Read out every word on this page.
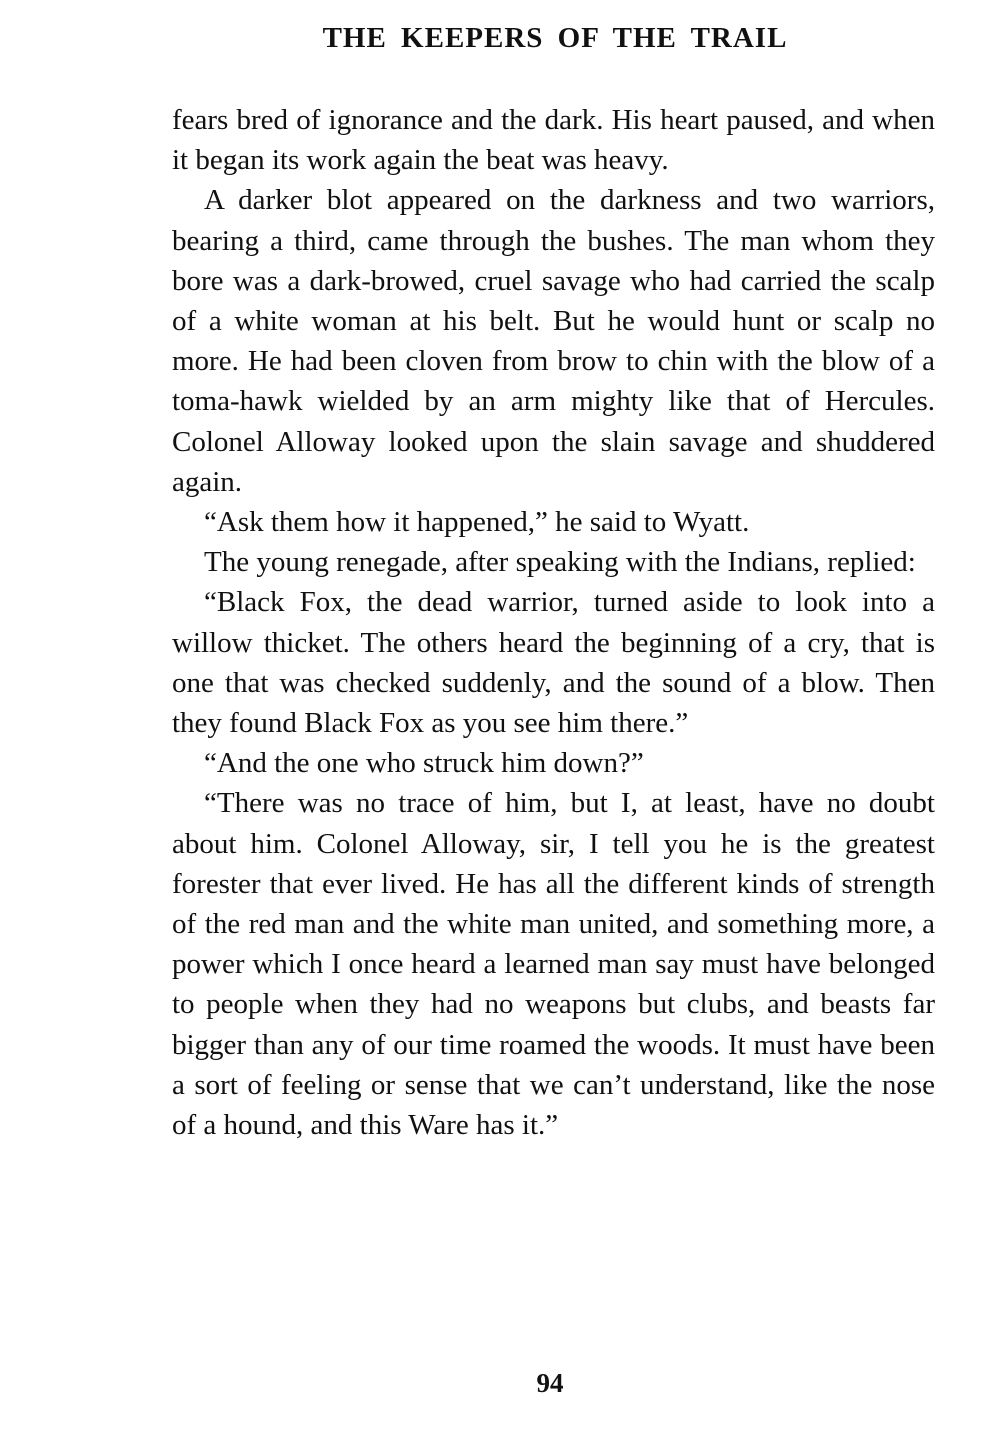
THE KEEPERS OF THE TRAIL

fears bred of ignorance and the dark. His heart paused, and when it began its work again the beat was heavy.

A darker blot appeared on the darkness and two warriors, bearing a third, came through the bushes. The man whom they bore was a dark-browed, cruel savage who had carried the scalp of a white woman at his belt. But he would hunt or scalp no more. He had been cloven from brow to chin with the blow of a toma-hawk wielded by an arm mighty like that of Hercules. Colonel Alloway looked upon the slain savage and shuddered again.

“Ask them how it happened,” he said to Wyatt.

The young renegade, after speaking with the Indians, replied:

“Black Fox, the dead warrior, turned aside to look into a willow thicket. The others heard the beginning of a cry, that is one that was checked suddenly, and the sound of a blow. Then they found Black Fox as you see him there.”

“And the one who struck him down?”

“There was no trace of him, but I, at least, have no doubt about him. Colonel Alloway, sir, I tell you he is the greatest forester that ever lived. He has all the different kinds of strength of the red man and the white man united, and something more, a power which I once heard a learned man say must have belonged to people when they had no weapons but clubs, and beasts far bigger than any of our time roamed the woods. It must have been a sort of feeling or sense that we can’t understand, like the nose of a hound, and this Ware has it.”

94
